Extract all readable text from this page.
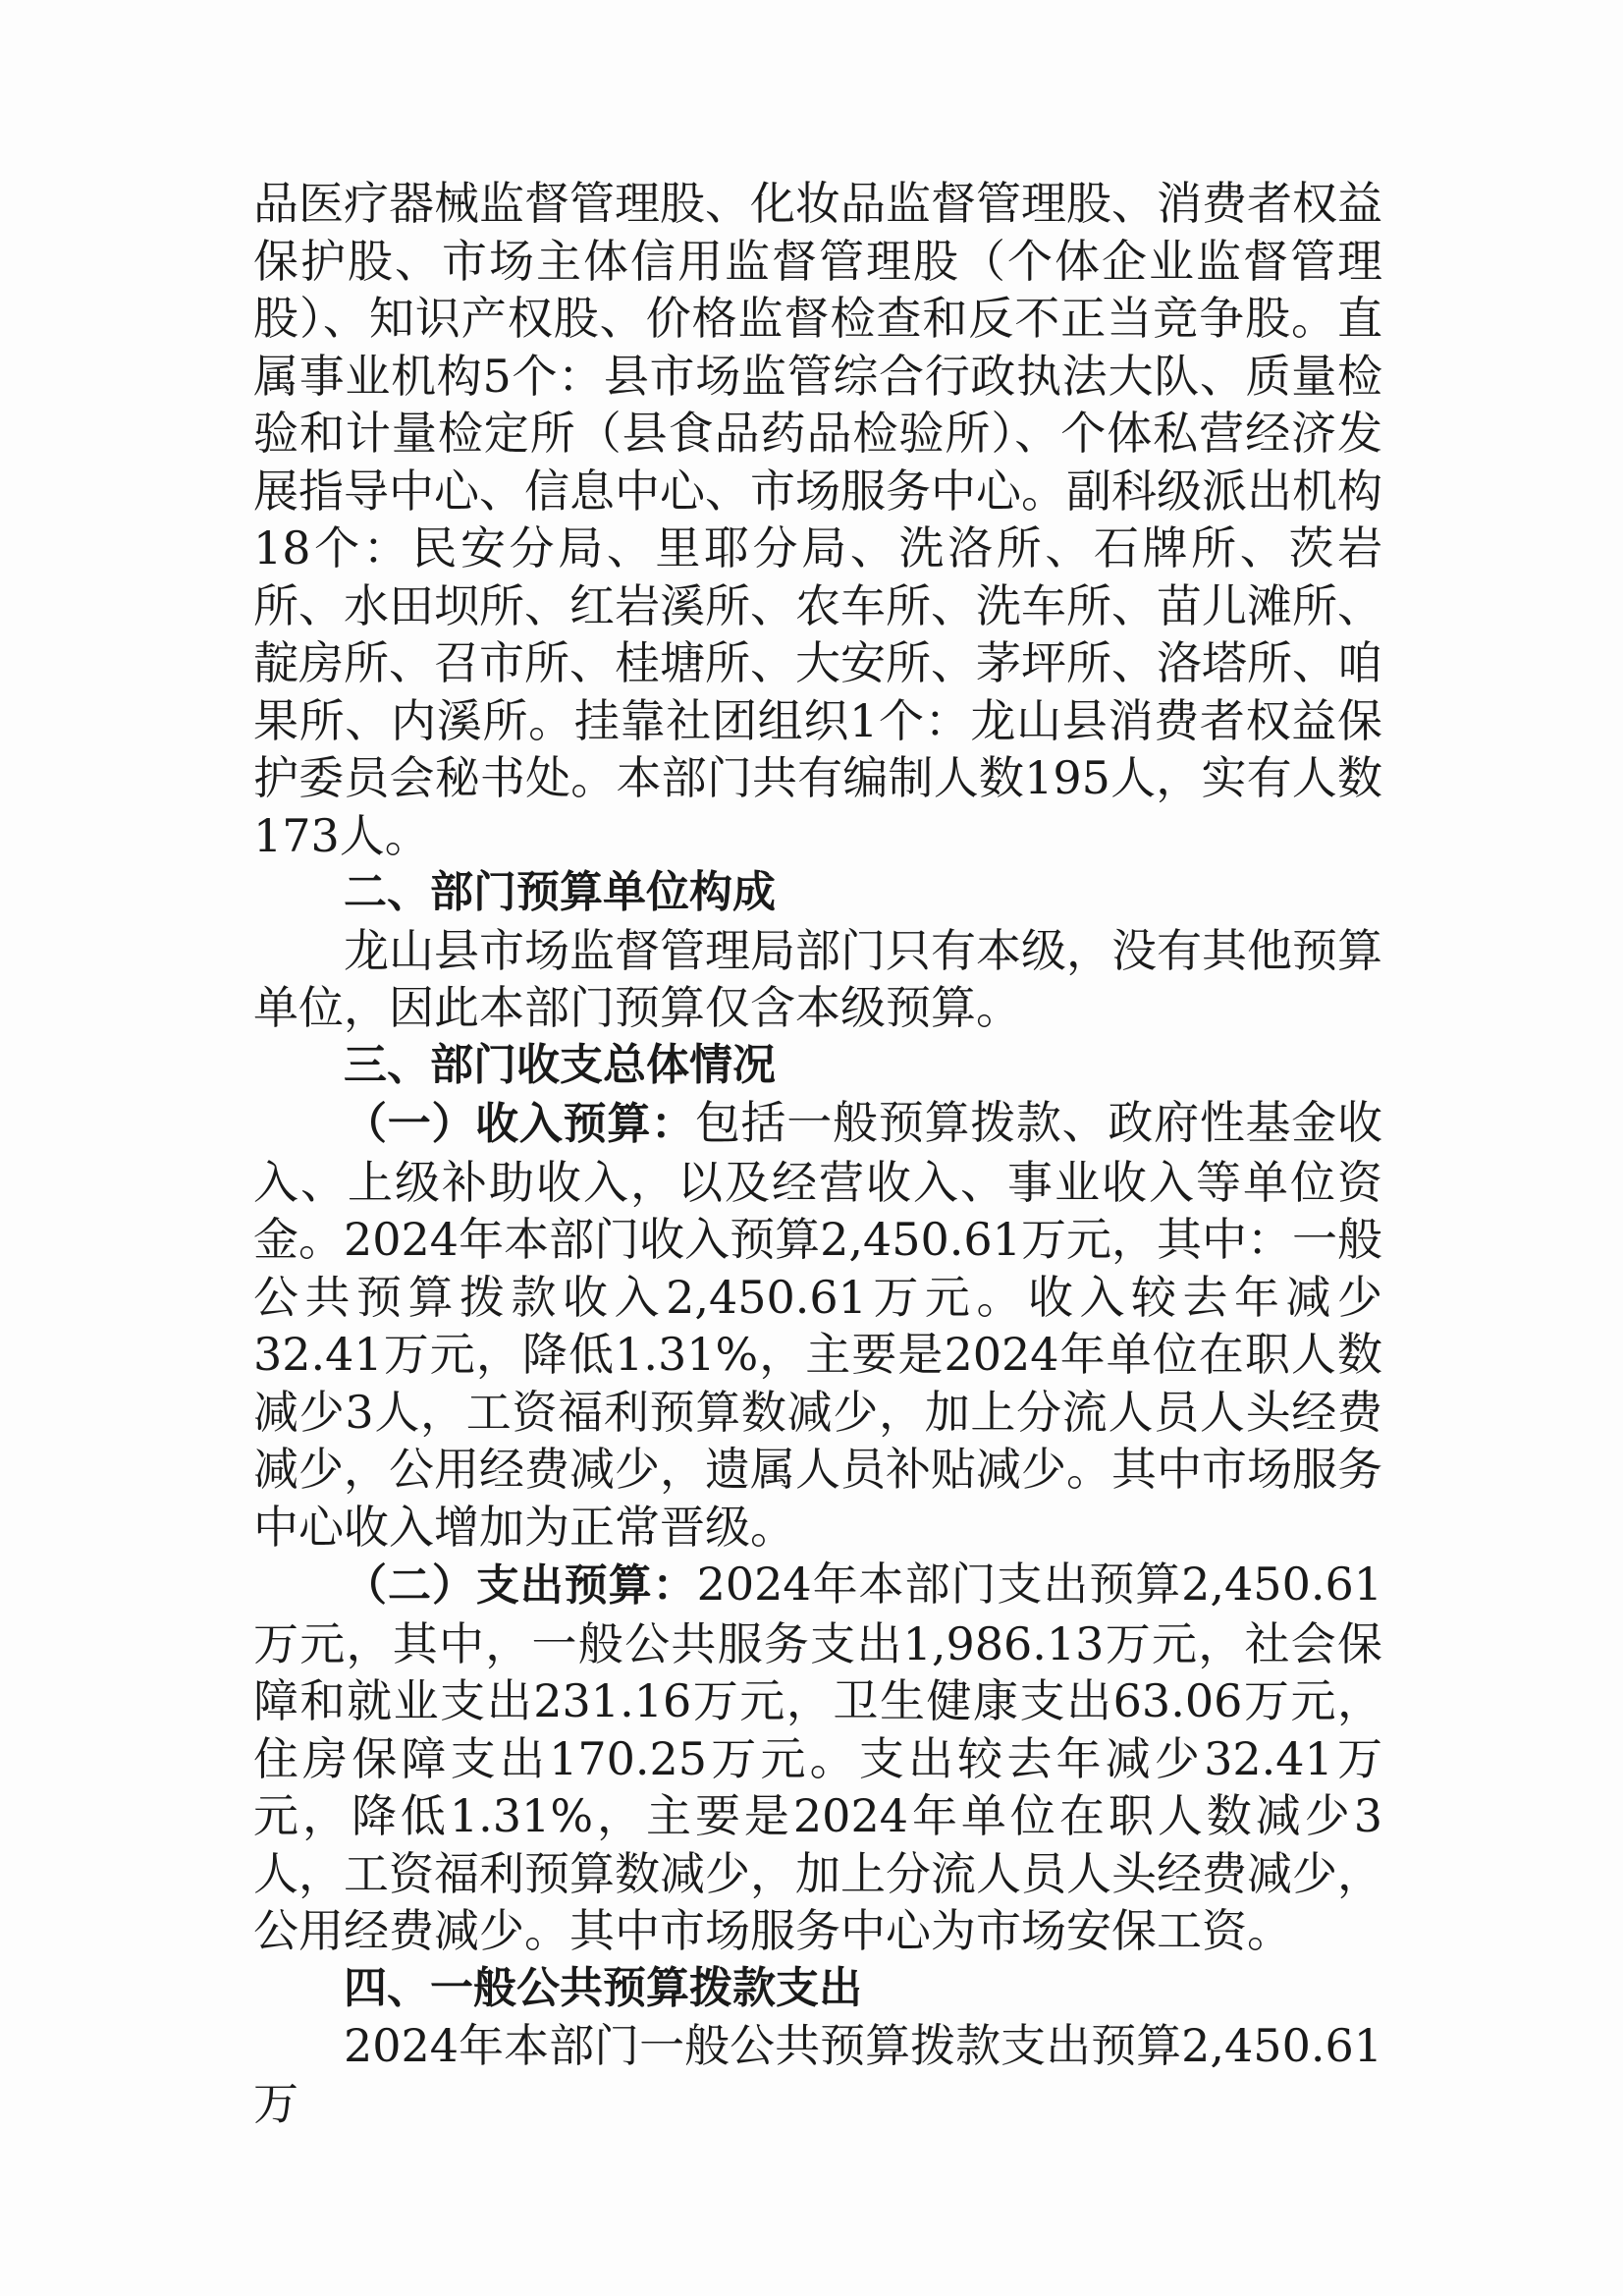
品医疗器械监督管理股、化妆品监督管理股、消费者权益保护股、市场主体信用监督管理股（个体企业监督管理股）、知识产权股、价格监督检查和反不正当竞争股。直属事业机构5个：县市场监管综合行政执法大队、质量检验和计量检定所（县食品药品检验所）、个体私营经济发展指导中心、信息中心、市场服务中心。副科级派出机构18个：民安分局、里耶分局、洗洛所、石牌所、茨岩所、水田坝所、红岩溪所、农车所、洗车所、苗儿滩所、靛房所、召市所、桂塘所、大安所、茅坪所、洛塔所、咱果所、内溪所。挂靠社团组织1个：龙山县消费者权益保护委员会秘书处。本部门共有编制人数195人，实有人数173人。

二、部门预算单位构成

龙山县市场监督管理局部门只有本级，没有其他预算单位，因此本部门预算仅含本级预算。

三、部门收支总体情况

（一）收入预算：包括一般预算拨款、政府性基金收入、上级补助收入，以及经营收入、事业收入等单位资金。2024年本部门收入预算2,450.61万元，其中：一般公共预算拨款收入2,450.61万元。收入较去年减少32.41万元，降低1.31%，主要是2024年单位在职人数减少3人，工资福利预算数减少，加上分流人员人头经费减少，公用经费减少，遗属人员补贴减少。其中市场服务中心收入增加为正常晋级。

（二）支出预算：2024年本部门支出预算2,450.61万元，其中，一般公共服务支出1,986.13万元，社会保障和就业支出231.16万元，卫生健康支出63.06万元，住房保障支出170.25万元。支出较去年减少32.41万元，降低1.31%，主要是2024年单位在职人数减少3人，工资福利预算数减少，加上分流人员人头经费减少，公用经费减少。其中市场服务中心为市场安保工资。

四、一般公共预算拨款支出

2024年本部门一般公共预算拨款支出预算2,450.61万
